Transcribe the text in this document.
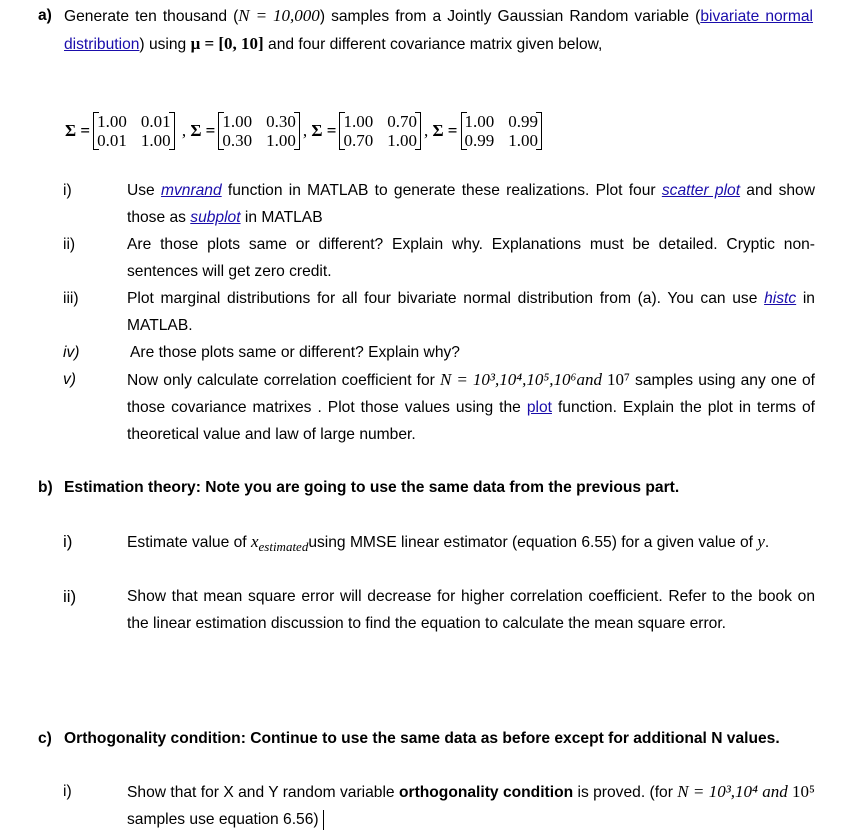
a) Generate ten thousand (N = 10,000) samples from a Jointly Gaussian Random variable (bivariate normal distribution) using μ = [0, 10] and four different covariance matrix given below,
Σ = 1.00 0.01
0.01 1.00
, Σ = 1.00 0.30
0.30 1.00
, Σ = 1.00 0.70
0.70 1.00
, Σ = 1.00 0.99
0.99 1.00
i)	Use mvnrand function in MATLAB to generate these realizations. Plot four scatter plot and show those as subplot in MATLAB
ii)	Are those plots same or different? Explain why. Explanations must be detailed. Cryptic non-sentences will get zero credit.
iii)	Plot marginal distributions for all four bivariate normal distribution from (a). You can use histc in MATLAB.
iv)	Are those plots same or different? Explain why?
v)	Now only calculate correlation coefficient for N = 10³,10⁴,10⁵,10⁶and 10⁷ samples using any one of those covariance matrixes . Plot those values using the plot function. Explain the plot in terms of theoretical value and law of large number.
b) Estimation theory: Note you are going to use the same data from the previous part.
i)	Estimate value of $x_{estimated}using$ MMSE linear estimator (equation 6.55) for a given value of y.
ii)	Show that mean square error will decrease for higher correlation coefficient. Refer to the book on the linear estimation discussion to find the equation to calculate the mean square error.
c) Orthogonality condition: Continue to use the same data as before except for additional N values.
i)	Show that for X and Y random variable orthogonality condition is proved. (for N = 10³,10⁴ and 10⁵ samples use equation 6.56)
